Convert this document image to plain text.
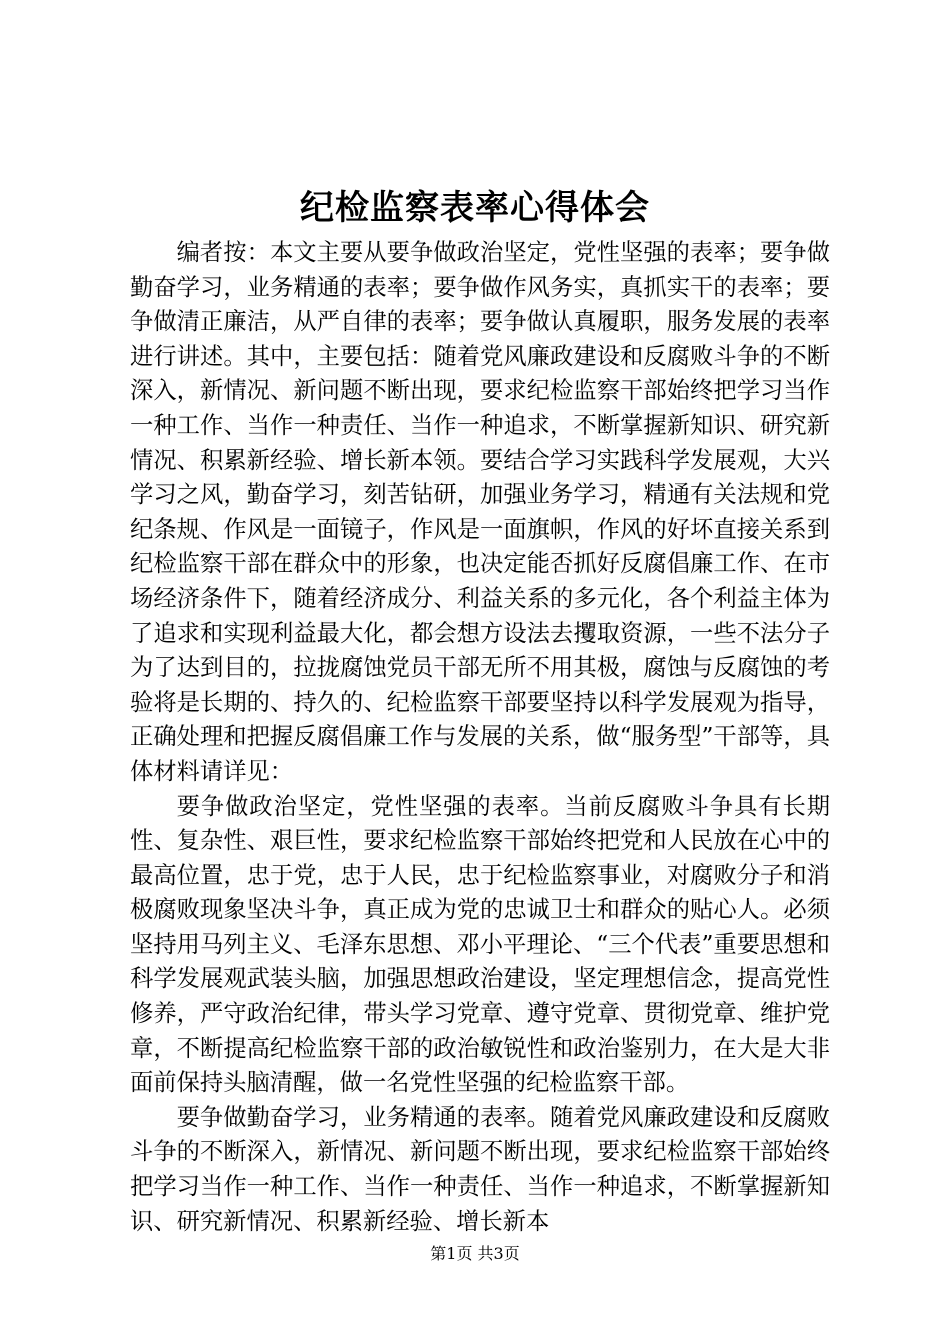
纪检监察表率心得体会

编者按：本文主要从要争做政治坚定，党性坚强的表率；要争做勤奋学习，业务精通的表率；要争做作风务实，真抓实干的表率；要争做清正廉洁，从严自律的表率；要争做认真履职，服务发展的表率进行讲述。其中，主要包括：随着党风廉政建设和反腐败斗争的不断深入，新情况、新问题不断出现，要求纪检监察干部始终把学习当作一种工作、当作一种责任、当作一种追求，不断掌握新知识、研究新情况、积累新经验、增长新本领。要结合学习实践科学发展观，大兴学习之风，勤奋学习，刻苦钻研，加强业务学习，精通有关法规和党纪条规、作风是一面镜子，作风是一面旗帜，作风的好坏直接关系到纪检监察干部在群众中的形象，也决定能否抓好反腐倡廉工作、在市场经济条件下，随着经济成分、利益关系的多元化，各个利益主体为了追求和实现利益最大化，都会想方设法去攫取资源，一些不法分子为了达到目的，拉拢腐蚀党员干部无所不用其极，腐蚀与反腐蚀的考验将是长期的、持久的、纪检监察干部要坚持以科学发展观为指导，正确处理和把握反腐倡廉工作与发展的关系，做“服务型”干部等，具体材料请详见：

要争做政治坚定，党性坚强的表率。当前反腐败斗争具有长期性、复杂性、艰巨性，要求纪检监察干部始终把党和人民放在心中的最高位置，忠于党，忠于人民，忠于纪检监察事业，对腐败分子和消极腐败现象坚决斗争，真正成为党的忠诚卫士和群众的贴心人。必须坚持用马列主义、毛泽东思想、邓小平理论、“三个代表”重要思想和科学发展观武装头脑，加强思想政治建设，坚定理想信念，提高党性修养，严守政治纪律，带头学习党章、遵守党章、贯彻党章、维护党章，不断提高纪检监察干部的政治敏锐性和政治鉴别力，在大是大非面前保持头脑清醒，做一名党性坚强的纪检监察干部。

要争做勤奋学习，业务精通的表率。随着党风廉政建设和反腐败斗争的不断深入，新情况、新问题不断出现，要求纪检监察干部始终把学习当作一种工作、当作一种责任、当作一种追求，不断掌握新知识、研究新情况、积累新经验、增长新本

第1页 共3页
